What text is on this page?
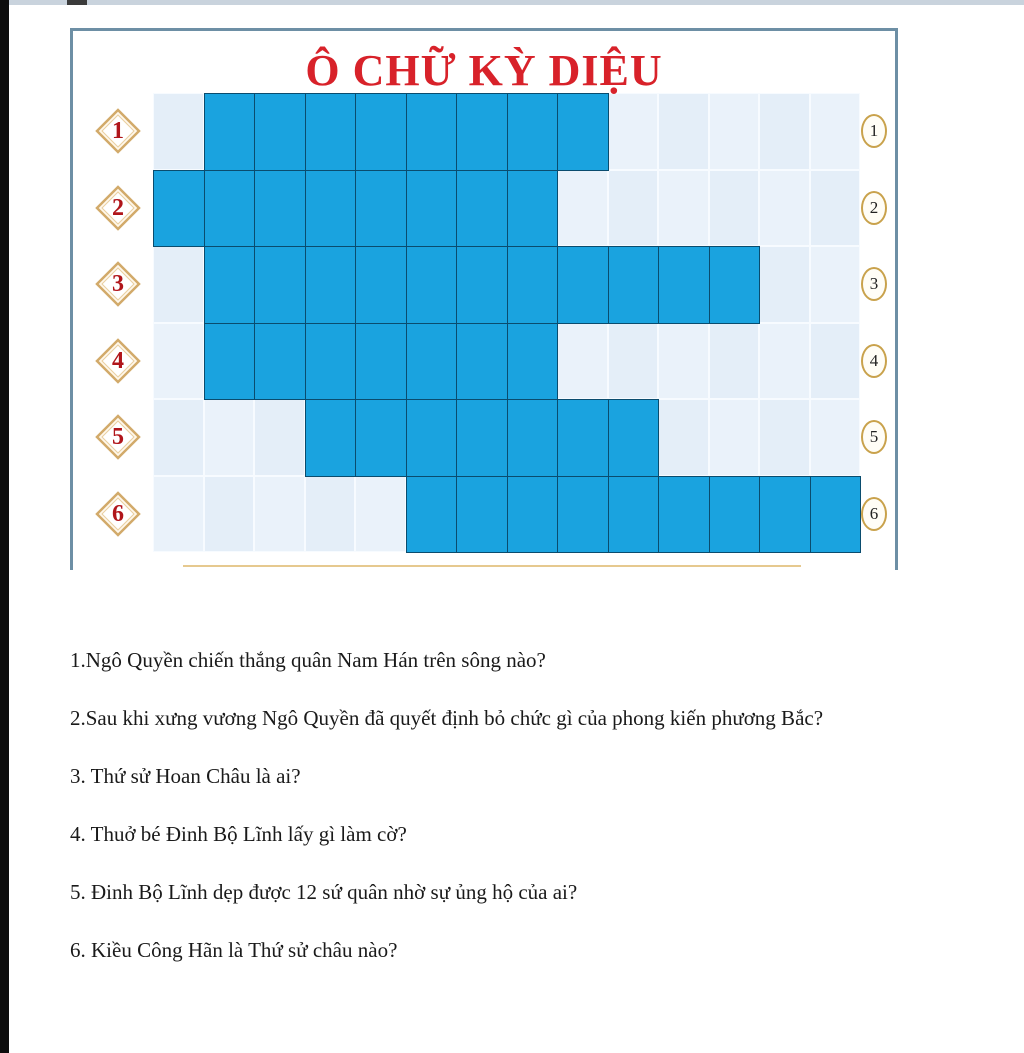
1	1
2	2
3	3
4	4
5	5
6	6
Ô CHỮ KỲ DIỆU
1.Ngô Quyền chiến thắng quân Nam Hán trên sông nào?
2.Sau khi xưng vương Ngô Quyền đã quyết định bỏ chức gì của phong kiến phương Bắc?
3. Thứ sử Hoan Châu là ai?
4. Thuở bé Đinh Bộ Lĩnh lấy gì làm cờ?
5. Đinh Bộ Lĩnh dẹp được 12 sứ quân nhờ sự ủng hộ của ai?
6. Kiều Công Hãn là Thứ sử châu nào?
